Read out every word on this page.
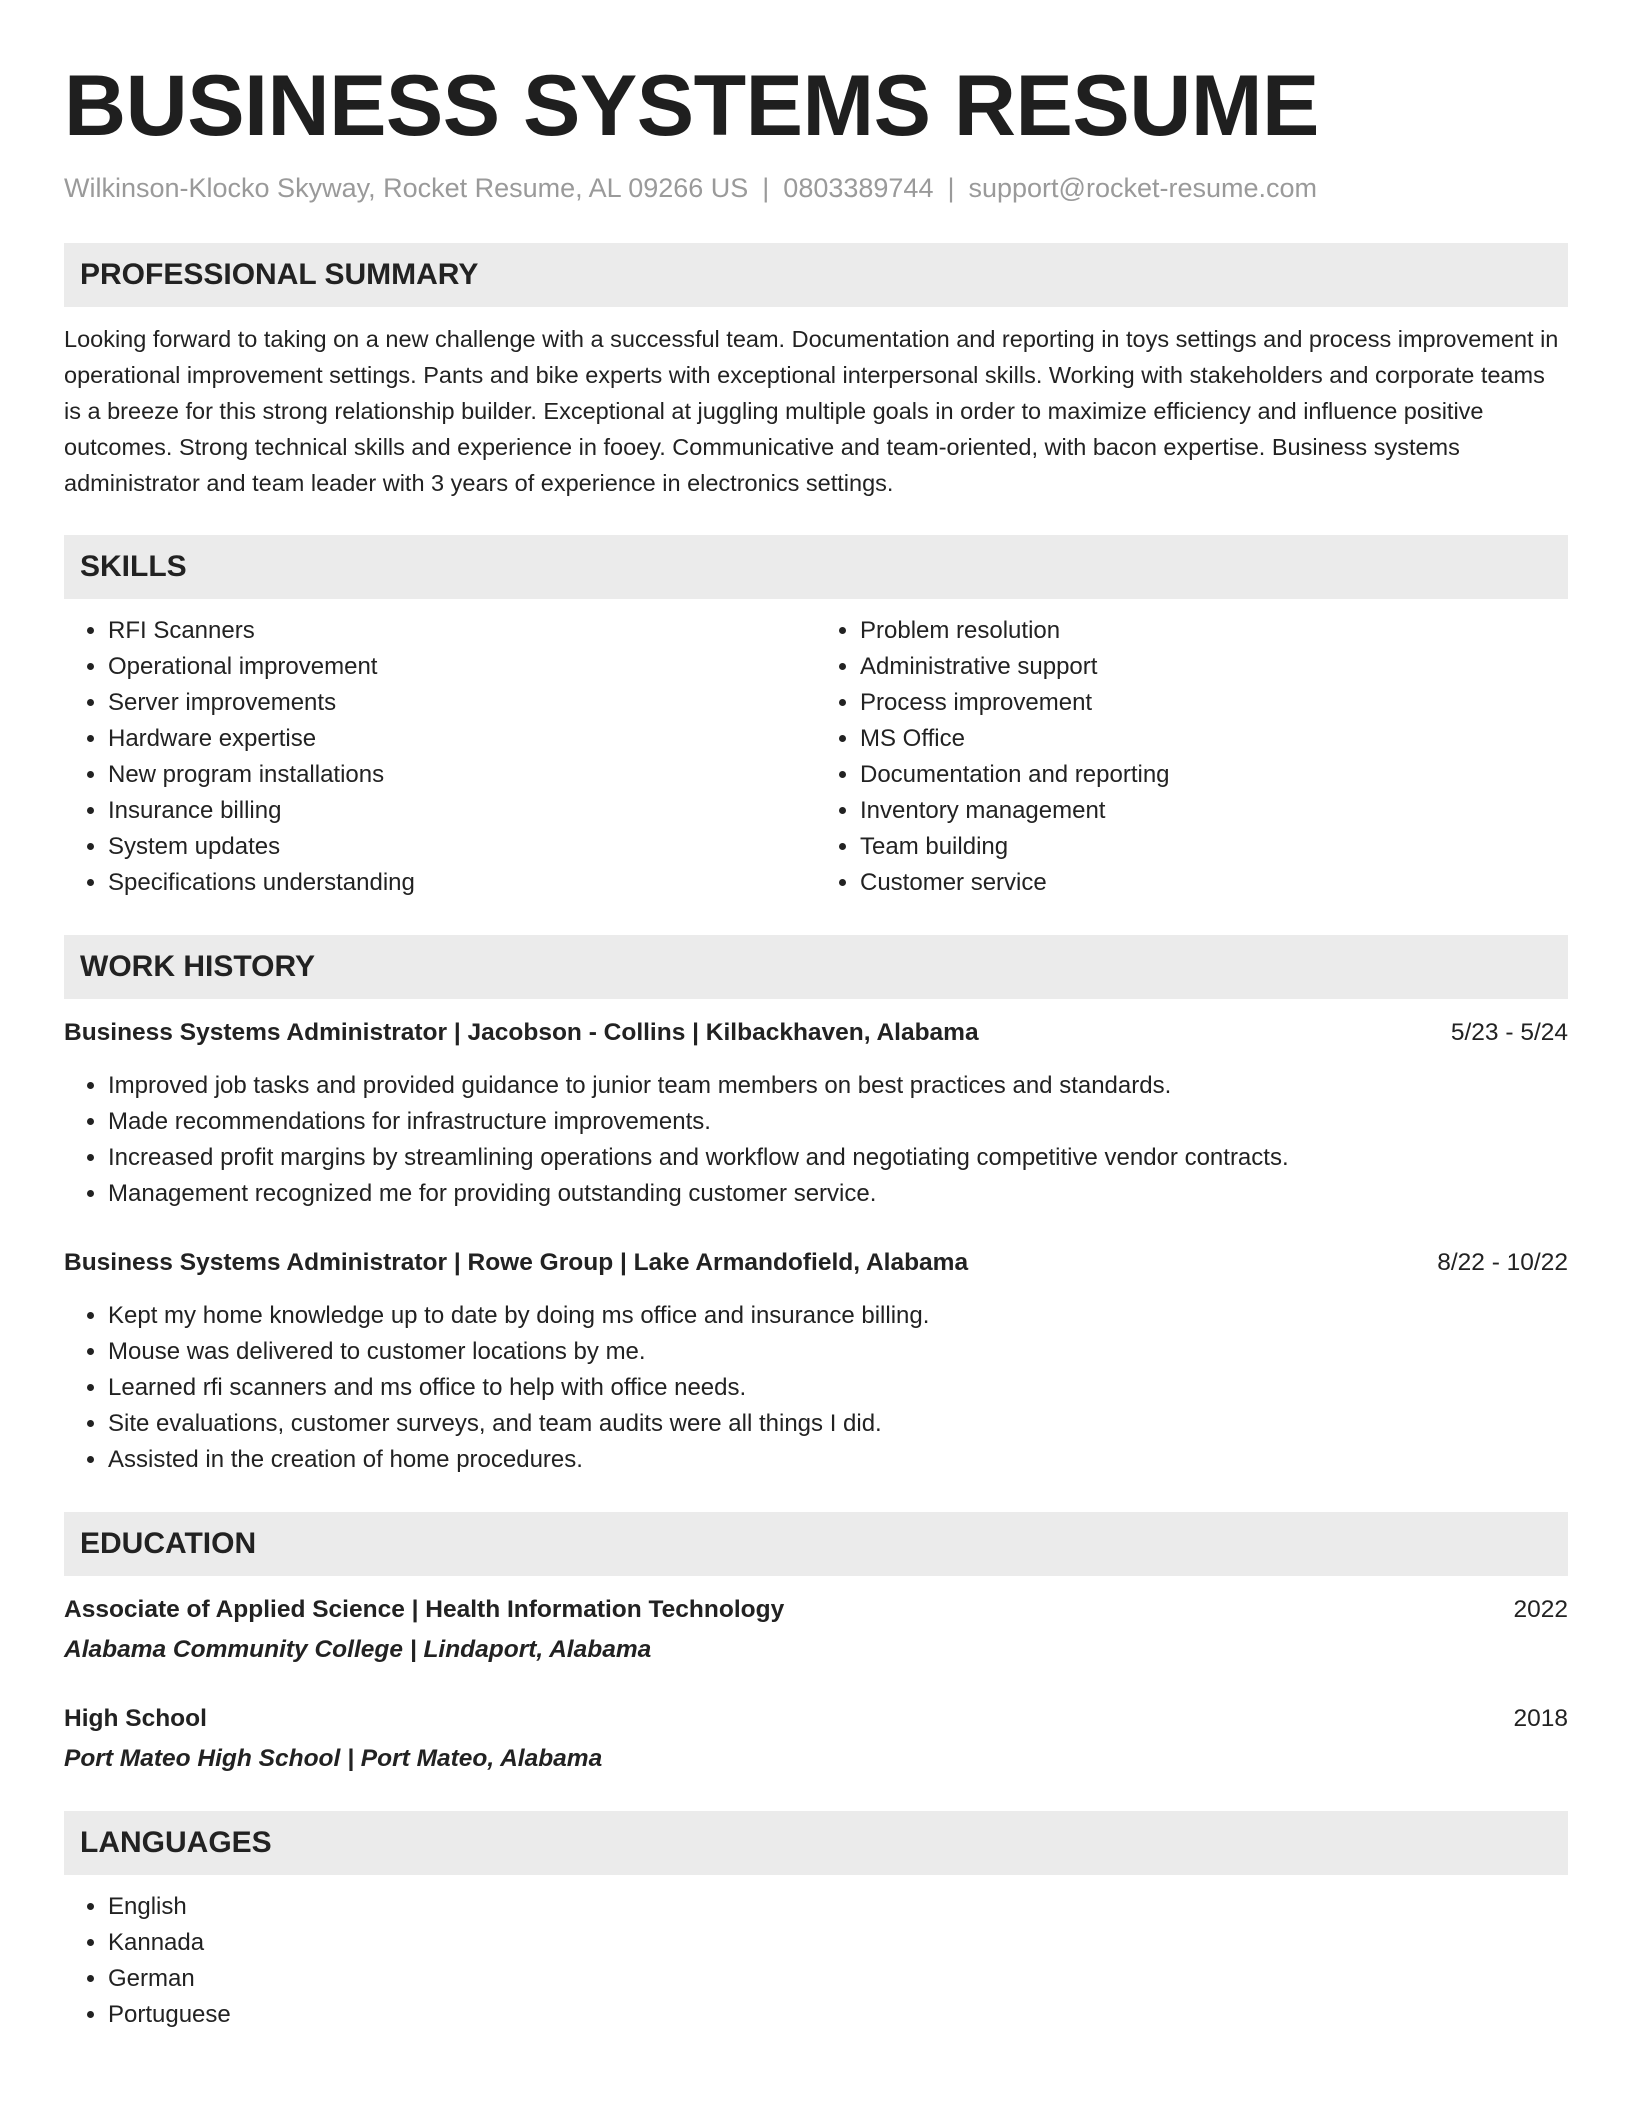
BUSINESS SYSTEMS RESUME
Wilkinson-Klocko Skyway, Rocket Resume, AL 09266 US | 0803389744 | support@rocket-resume.com
PROFESSIONAL SUMMARY

Looking forward to taking on a new challenge with a successful team. Documentation and reporting in toys settings and process improvement in operational improvement settings. Pants and bike experts with exceptional interpersonal skills. Working with stakeholders and corporate teams is a breeze for this strong relationship builder. Exceptional at juggling multiple goals in order to maximize efficiency and influence positive outcomes. Strong technical skills and experience in fooey. Communicative and team-oriented, with bacon expertise. Business systems administrator and team leader with 3 years of experience in electronics settings.

SKILLS
• RFI Scanners
• Operational improvement
• Server improvements
• Hardware expertise
• New program installations
• Insurance billing
• System updates
• Specifications understanding
• Problem resolution
• Administrative support
• Process improvement
• MS Office
• Documentation and reporting
• Inventory management
• Team building
• Customer service
WORK HISTORY
Business Systems Administrator | Jacobson - Collins | Kilbackhaven, Alabama	5/23 - 5/24
• Improved job tasks and provided guidance to junior team members on best practices and standards.
• Made recommendations for infrastructure improvements.
• Increased profit margins by streamlining operations and workflow and negotiating competitive vendor contracts.
• Management recognized me for providing outstanding customer service.
Business Systems Administrator | Rowe Group | Lake Armandofield, Alabama	8/22 - 10/22
• Kept my home knowledge up to date by doing ms office and insurance billing.
• Mouse was delivered to customer locations by me.
• Learned rfi scanners and ms office to help with office needs.
• Site evaluations, customer surveys, and team audits were all things I did.
• Assisted in the creation of home procedures.
EDUCATION
Associate of Applied Science | Health Information Technology	2022
Alabama Community College | Lindaport, Alabama
High School	2018
Port Mateo High School | Port Mateo, Alabama
LANGUAGES
• English
• Kannada
• German
• Portuguese
